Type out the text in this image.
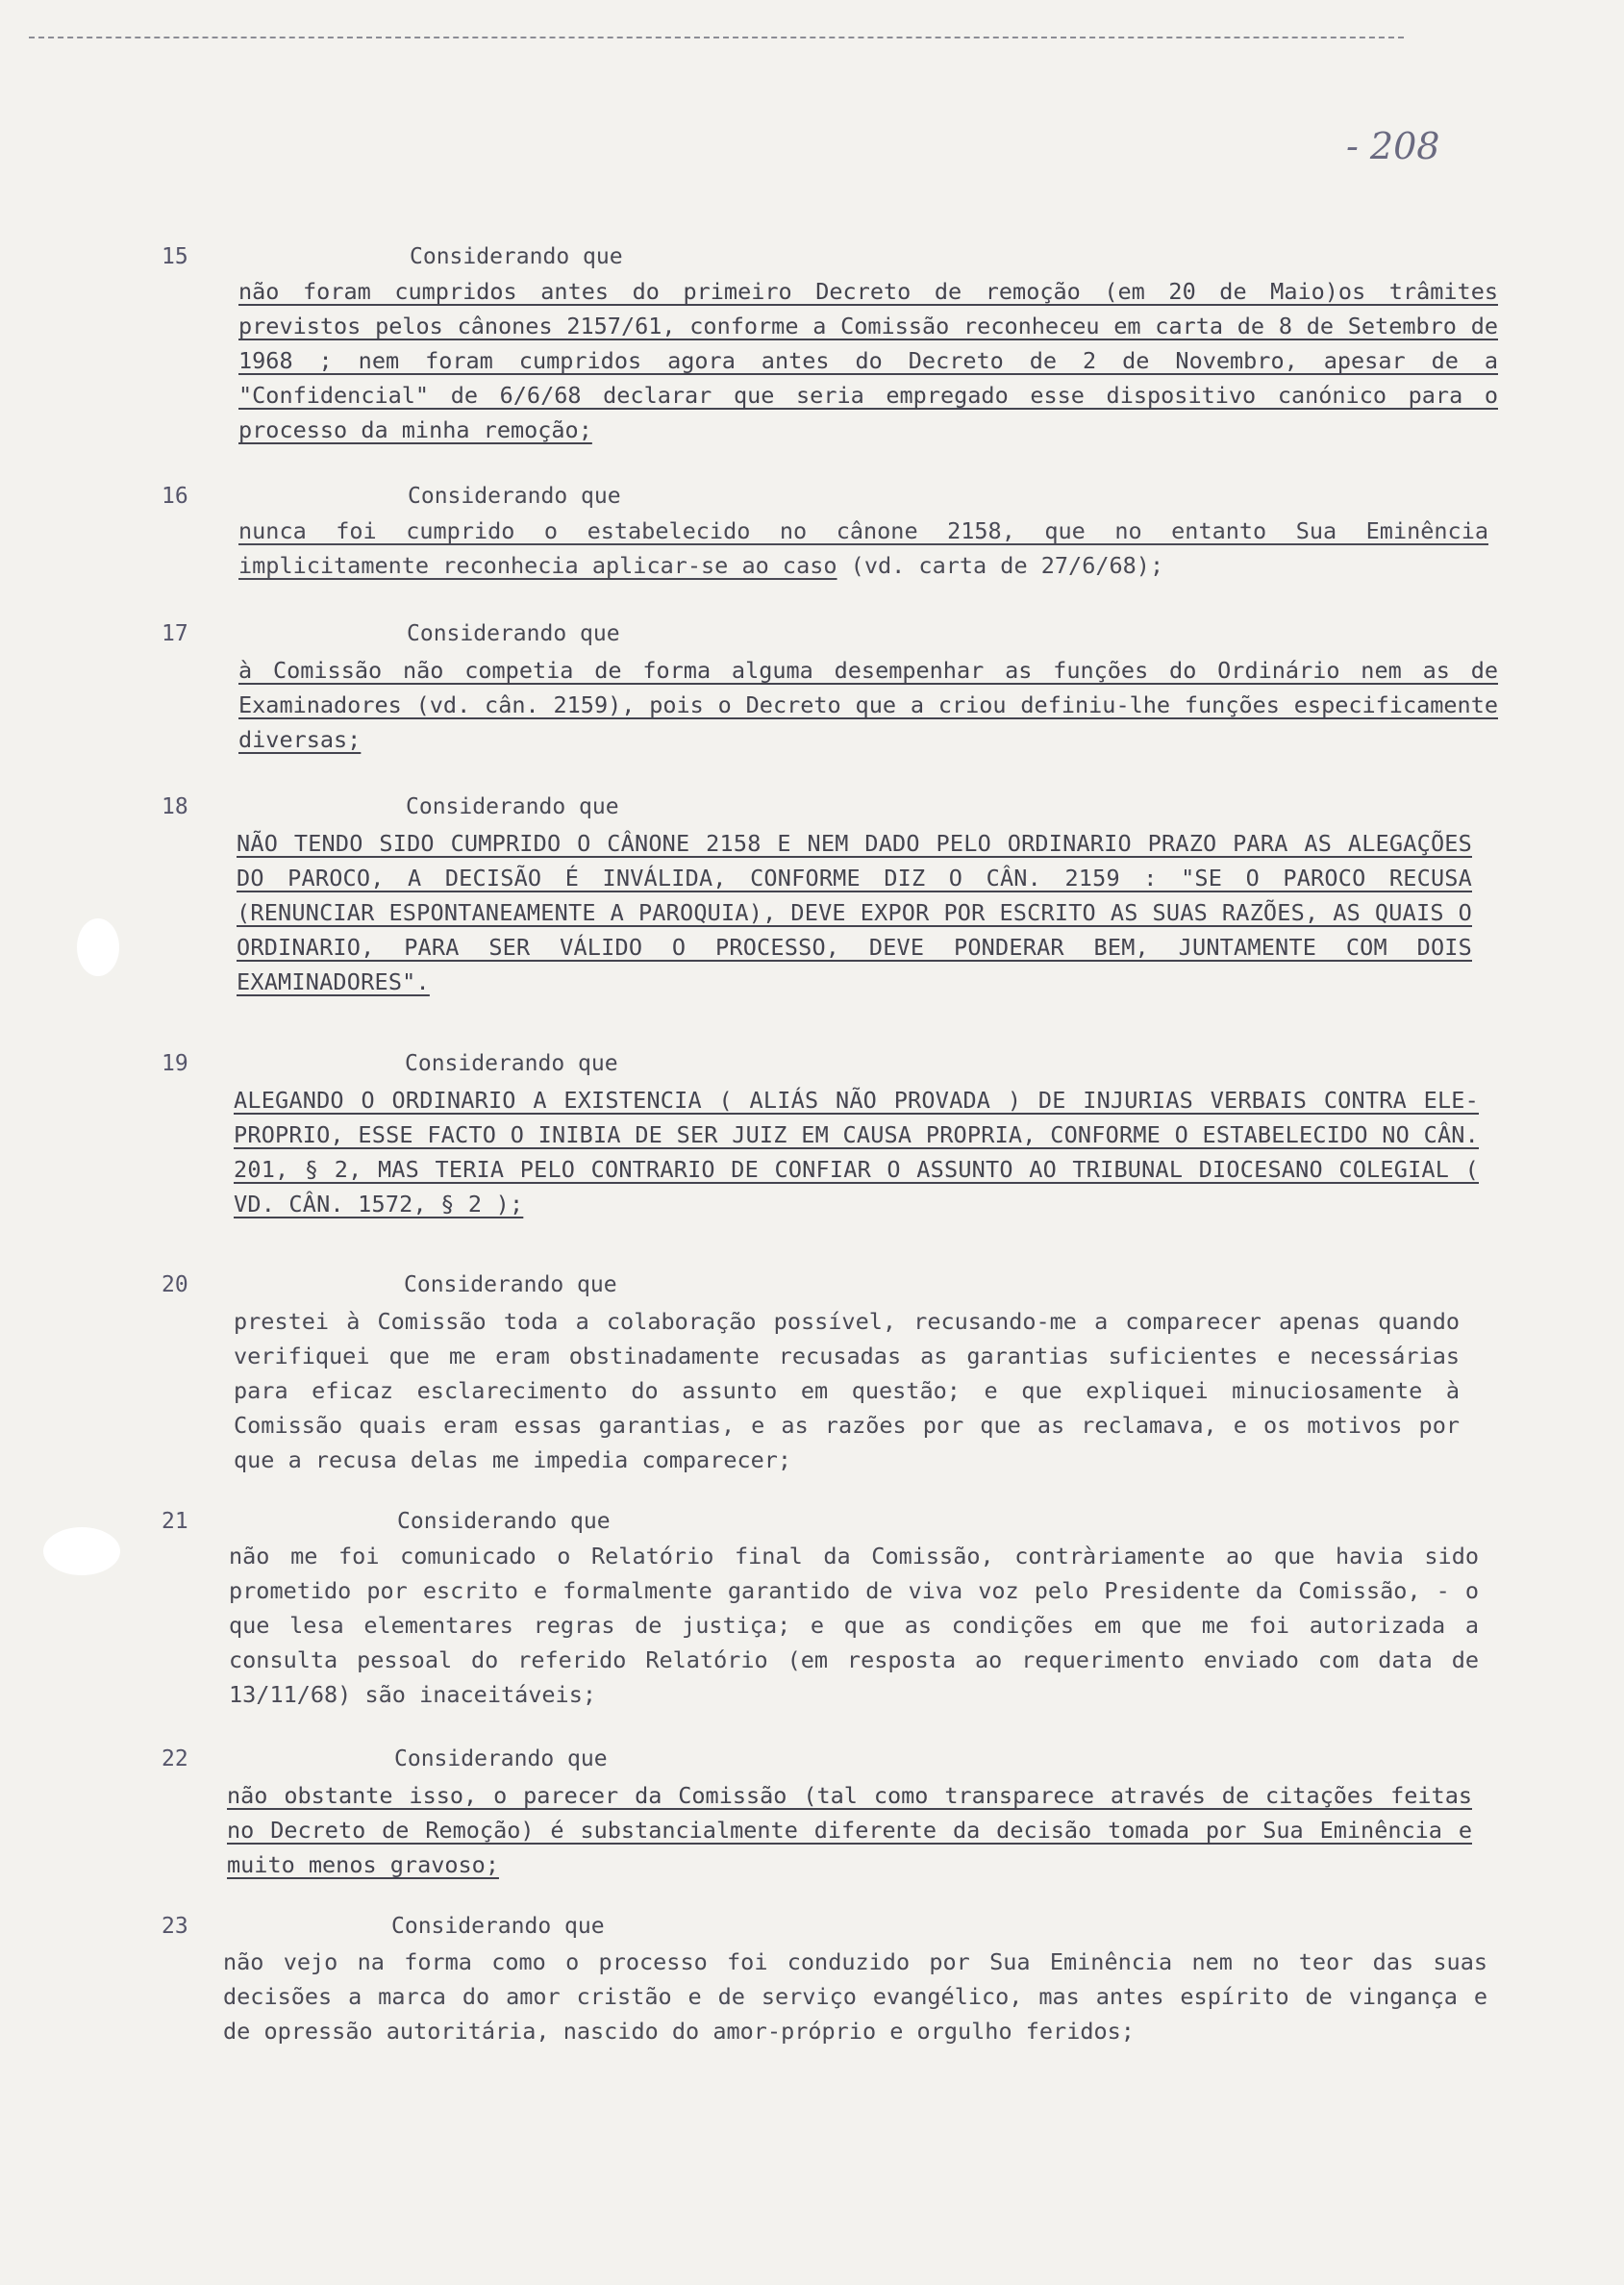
- 208
15	Considerando que
não foram cumpridos antes do primeiro Decreto de remoção (em 20 de Maio)os trâmites previstos pelos cânones 2157/61, conforme a Comissão reconheceu em carta de 8 de Setembro de 1968 ; nem foram cumpridos agora antes do Decreto de 2 de Novembro, apesar de a "Confidencial" de 6/6/68 declarar que seria empregado esse dispositivo canónico para o processo da minha remoção;
16	Considerando que
nunca foi cumprido o estabelecido no cânone 2158, que no entanto Sua Eminência implicitamente reconhecia aplicar-se ao caso (vd. carta de 27/6/68);
17	Considerando que
à Comissão não competia de forma alguma desempenhar as funções do Ordinário nem as de Examinadores (vd. cân. 2159), pois o Decreto que a criou definiu-lhe funções especificamente diversas;
18	Considerando que
NÃO TENDO SIDO CUMPRIDO O CÂNONE 2158 E NEM DADO PELO ORDINARIO PRAZO PARA AS ALEGAÇÕES DO PAROCO, A DECISÃO É INVÁLIDA, CONFORME DIZ O CÂN. 2159 : "SE O PAROCO RECUSA (RENUNCIAR ESPONTANEAMENTE A PAROQUIA), DEVE EXPOR POR ESCRITO AS SUAS RAZÕES, AS QUAIS O ORDINARIO, PARA SER VÁLIDO O PROCESSO, DEVE PONDERAR BEM, JUNTAMENTE COM DOIS EXAMINADORES".
19	Considerando que
ALEGANDO O ORDINARIO A EXISTENCIA ( ALIÁS NÃO PROVADA ) DE INJURIAS VERBAIS CONTRA ELE-PROPRIO, ESSE FACTO O INIBIA DE SER JUIZ EM CAUSA PROPRIA, CONFORME O ESTABELECIDO NO CÂN. 201, § 2, MAS TERIA PELO CONTRARIO DE CONFIAR O ASSUNTO AO TRIBUNAL DIOCESANO COLEGIAL ( VD. CÂN. 1572, § 2 );
20	Considerando que
prestei à Comissão toda a colaboração possível, recusando-me a comparecer apenas quando verifiquei que me eram obstinadamente recusadas as garantias suficientes e necessárias para eficaz esclarecimento do assunto em questão; e que expliquei minuciosamente à Comissão quais eram essas garantias, e as razões por que as reclamava, e os motivos por que a recusa delas me impedia comparecer;
21	Considerando que
não me foi comunicado o Relatório final da Comissão, contràriamente ao que havia sido prometido por escrito e formalmente garantido de viva voz pelo Presidente da Comissão, - o que lesa elementares regras de justiça; e que as condições em que me foi autorizada a consulta pessoal do referido Relatório (em resposta ao requerimento enviado com data de 13/11/68) são inaceitáveis;
22	Considerando que
não obstante isso, o parecer da Comissão (tal como transparece através de citações feitas no Decreto de Remoção) é substancialmente diferente da decisão tomada por Sua Eminência e muito menos gravoso;
23	Considerando que
não vejo na forma como o processo foi conduzido por Sua Eminência nem no teor das suas decisões a marca do amor cristão e de serviço evangélico, mas antes espírito de vingança e de opressão autoritária, nascido do amor-próprio e orgulho feridos;
